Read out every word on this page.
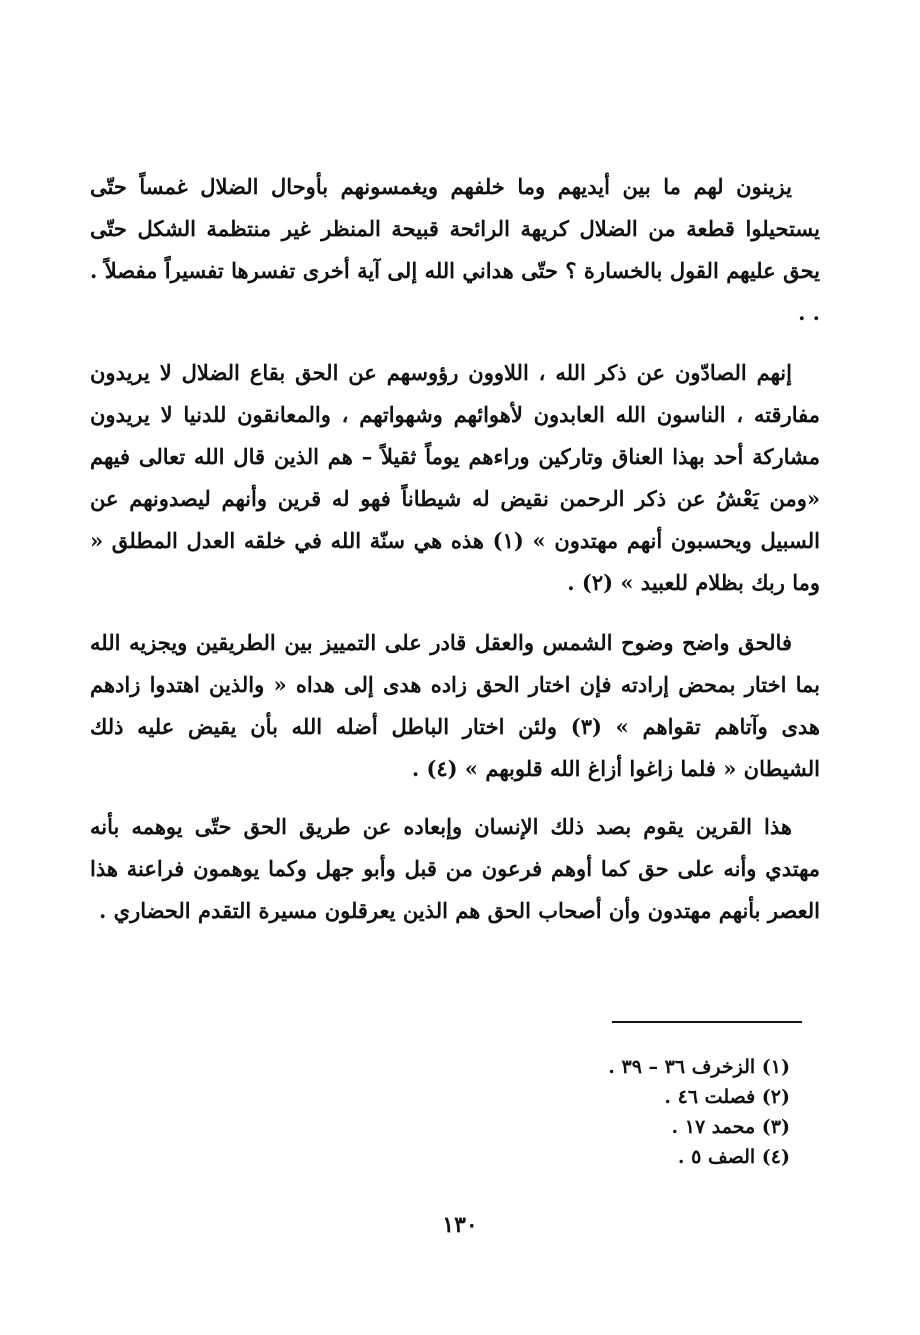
يزينون لهم ما بين أيديهم وما خلفهم ويغمسونهم بأوحال الضلال غمساً حتّى يستحيلوا قطعة من الضلال كريهة الرائحة قبيحة المنظر غير منتظمة الشكل حتّى يحق عليهم القول بالخسارة ؟ حتّى هداني الله إلى آية أخرى تفسرها تفسيراً مفصلاً . . .

إنهم الصادّون عن ذكر الله ، اللاوون رؤوسهم عن الحق بقاع الضلال لا يريدون مفارقته ، الناسون الله العابدون لأهوائهم وشهواتهم ، والمعانقون للدنيا لا يريدون مشاركة أحد بهذا العناق وتاركين وراءهم يوماً ثقيلاً – هم الذين قال الله تعالى فيهم «ومن يَعْشُ عن ذكر الرحمن نقيض له شيطاناً فهو له قرين وأنهم ليصدونهم عن السبيل ويحسبون أنهم مهتدون » (١) هذه هي سنّة الله في خلقه العدل المطلق « وما ربك بظلام للعبيد » (٢) .

فالحق واضح وضوح الشمس والعقل قادر على التمييز بين الطريقين ويجزيه الله بما اختار بمحض إرادته فإن اختار الحق زاده هدى إلى هداه « والذين اهتدوا زادهم هدى وآتاهم تقواهم » (٣) ولئن اختار الباطل أضله الله بأن يقيض عليه ذلك الشيطان « فلما زاغوا أزاغ الله قلوبهم » (٤) .

هذا القرين يقوم بصد ذلك الإنسان وإبعاده عن طريق الحق حتّى يوهمه بأنه مهتدي وأنه على حق كما أوهم فرعون من قبل وأبو جهل وكما يوهمون فراعنة هذا العصر بأنهم مهتدون وأن أصحاب الحق هم الذين يعرقلون مسيرة التقدم الحضاري .

(١) الزخرف ٣٦ – ٣٩ .
(٢) فصلت ٤٦ .
(٣) محمد ١٧ .
(٤) الصف ٥ .
١٣٠
